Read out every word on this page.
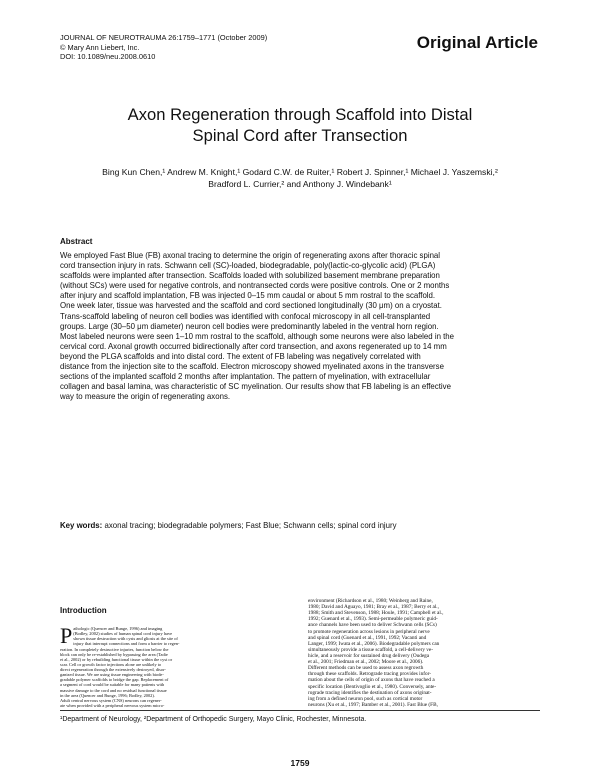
JOURNAL OF NEUROTRAUMA 26:1759–1771 (October 2009)
© Mary Ann Liebert, Inc.
DOI: 10.1089/neu.2008.0610
Original Article
Axon Regeneration through Scaffold into Distal
Spinal Cord after Transection
Bing Kun Chen,¹ Andrew M. Knight,¹ Godard C.W. de Ruiter,¹ Robert J. Spinner,¹ Michael J. Yaszemski,²
Bradford L. Currier,² and Anthony J. Windebank¹
Abstract
We employed Fast Blue (FB) axonal tracing to determine the origin of regenerating axons after thoracic spinal
cord transection injury in rats. Schwann cell (SC)-loaded, biodegradable, poly(lactic-co-glycolic acid) (PLGA)
scaffolds were implanted after transection. Scaffolds loaded with solubilized basement membrane preparation
(without SCs) were used for negative controls, and nontransected cords were positive controls. One or 2 months
after injury and scaffold implantation, FB was injected 0–15 mm caudal or about 5 mm rostral to the scaffold.
One week later, tissue was harvested and the scaffold and cord sectioned longitudinally (30 μm) on a cryostat.
Trans-scaffold labeling of neuron cell bodies was identified with confocal microscopy in all cell-transplanted
groups. Large (30–50 μm diameter) neuron cell bodies were predominantly labeled in the ventral horn region.
Most labeled neurons were seen 1–10 mm rostral to the scaffold, although some neurons were also labeled in the
cervical cord. Axonal growth occurred bidirectionally after cord transection, and axons regenerated up to 14 mm
beyond the PLGA scaffolds and into distal cord. The extent of FB labeling was negatively correlated with
distance from the injection site to the scaffold. Electron microscopy showed myelinated axons in the transverse
sections of the implanted scaffold 2 months after implantation. The pattern of myelination, with extracellular
collagen and basal lamina, was characteristic of SC myelination. Our results show that FB labeling is an effective
way to measure the origin of regenerating axons.
Key words: axonal tracing; biodegradable polymers; Fast Blue; Schwann cells; spinal cord injury
Introduction
Pathologic (Quencer and Bunge, 1996) and imaging
(Bodley, 2002) studies of human spinal cord injury have
shown tissue destruction with cysts and gliosis at the site of
injury that interrupt connections and form a barrier to regen-
eration. In completely destructive injuries, function below the
block can only be re-established by bypassing the area (Tadie
et al., 2002) or by rebuilding functional tissue within the cyst or
scar. Cell or growth factor injections alone are unlikely to
direct regeneration through the extensively destroyed, disor-
ganized tissue. We are using tissue engineering with biode-
gradable polymer scaffolds to bridge the gap. Replacement of
a segment of cord would be suitable for many patients with
massive damage to the cord and no residual functional tissue
in the area (Quencer and Bunge, 1996; Bodley, 2002).
Adult central nervous system (CNS) neurons can regener-
ate when provided with a peripheral nervous system micro-
environment (Richardson et al., 1980; Weinberg and Raine,
1980; David and Aguayo, 1981; Bray et al., 1987; Berry et al.,
1988; Smith and Stevenson, 1988; Houle, 1991; Campbell et al.,
1992; Guenard et al., 1993). Semi-permeable polymeric guid-
ance channels have been used to deliver Schwann cells (SCs)
to promote regeneration across lesions in peripheral nerve
and spinal cord (Guenard et al., 1991, 1992; Vacanti and
Langer, 1999; Iwata et al., 2006). Biodegradable polymers can
simultaneously provide a tissue scaffold, a cell-delivery ve-
hicle, and a reservoir for sustained drug delivery (Oudega
et al., 2001; Friedman et al., 2002; Moore et al., 2006).
Different methods can be used to assess axon regrowth
through these scaffolds. Retrograde tracing provides infor-
mation about the cells of origin of axons that have reached a
specific location (Bentivoglio et al., 1980). Conversely, ante-
rograde tracing identifies the destination of axons originat-
ing from a defined neuron pool, such as cortical motor
neurons (Xu et al., 1997; Bamber et al., 2001). Fast Blue (FB,
¹Department of Neurology, ²Department of Orthopedic Surgery, Mayo Clinic, Rochester, Minnesota.
1759
